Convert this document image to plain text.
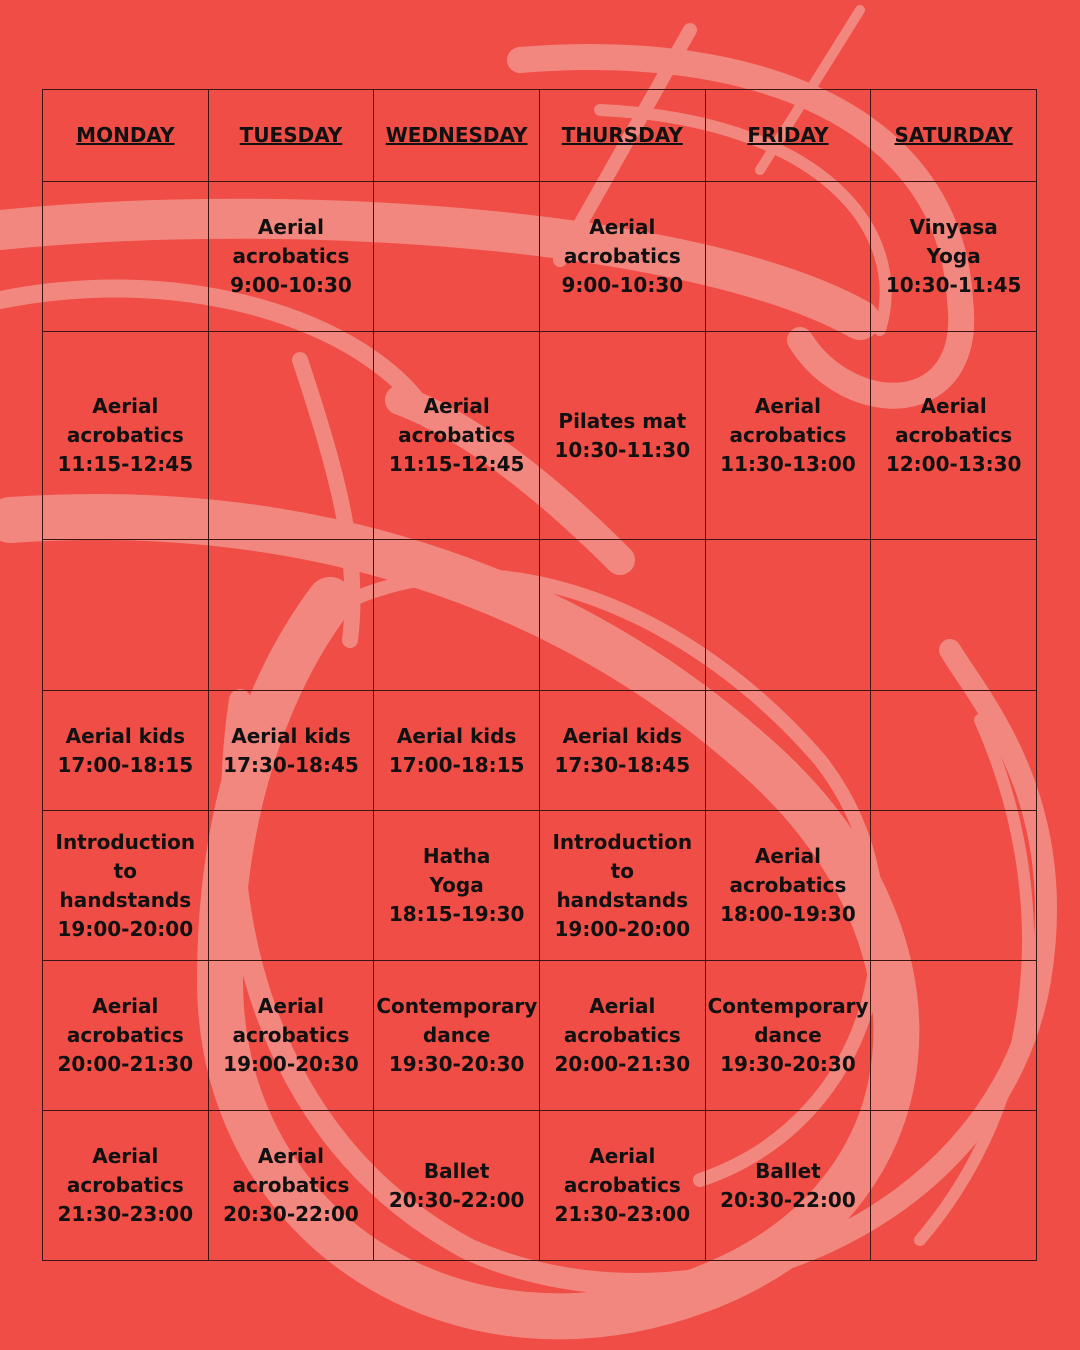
MONDAY	TUESDAY	WEDNESDAY	THURSDAY	FRIDAY	SATURDAY
	Aerial
acrobatics
9:00-10:30		Aerial
acrobatics
9:00-10:30		Vinyasa
Yoga
10:30-11:45
Aerial
acrobatics
11:15-12:45		Aerial
acrobatics
11:15-12:45	Pilates mat
10:30-11:30	Aerial
acrobatics
11:30-13:00	Aerial
acrobatics
12:00-13:30

Aerial kids
17:00-18:15	Aerial kids
17:30-18:45	Aerial kids
17:00-18:15	Aerial kids
17:30-18:45		
Introduction
to handstands
19:00-20:00		Hatha
Yoga
18:15-19:30	Introduction
to handstands
19:00-20:00	Aerial
acrobatics
18:00-19:30	
Aerial
acrobatics
20:00-21:30	Aerial
acrobatics
19:00-20:30	Contemporary
dance
19:30-20:30	Aerial
acrobatics
20:00-21:30	Contemporary
dance
19:30-20:30	
Aerial
acrobatics
21:30-23:00	Aerial
acrobatics
20:30-22:00	Ballet
20:30-22:00	Aerial
acrobatics
21:30-23:00	Ballet
20:30-22:00	
